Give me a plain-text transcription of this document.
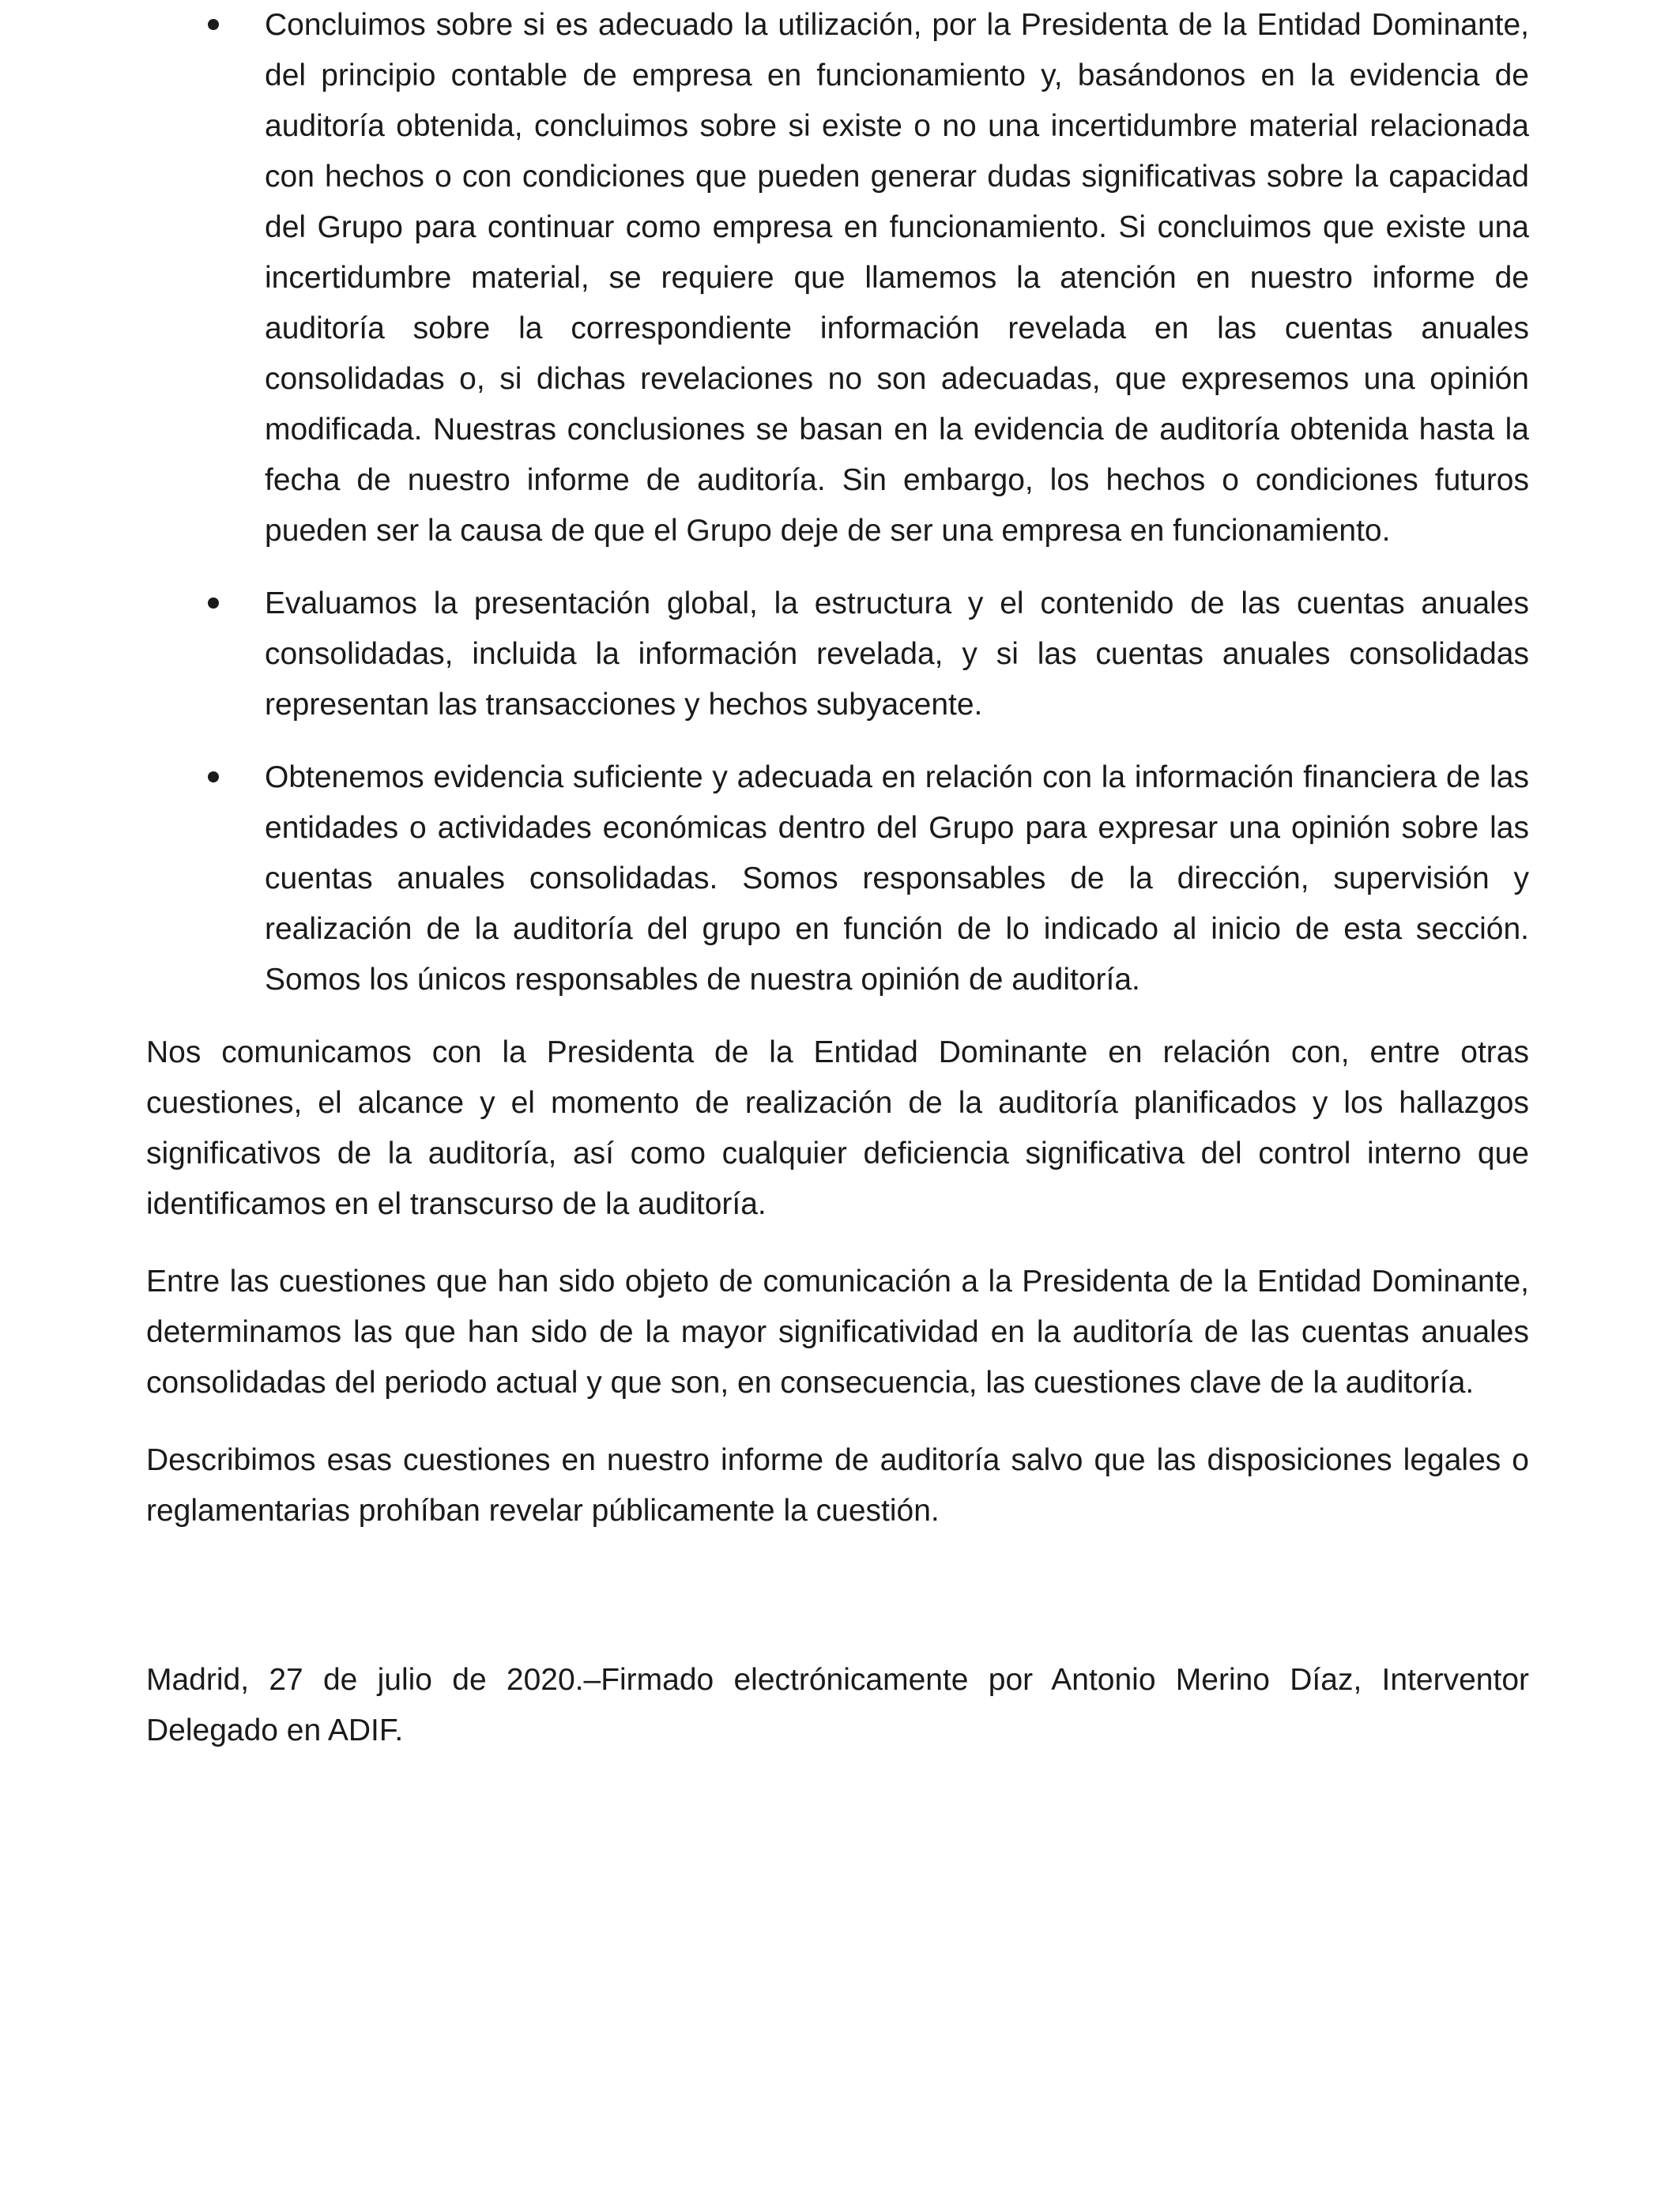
Concluimos sobre si es adecuado la utilización, por la Presidenta de la Entidad Dominante, del principio contable de empresa en funcionamiento y, basándonos en la evidencia de auditoría obtenida, concluimos sobre si existe o no una incertidumbre material relacionada con hechos o con condiciones que pueden generar dudas significativas sobre la capacidad del Grupo para continuar como empresa en funcionamiento. Si concluimos que existe una incertidumbre material, se requiere que llamemos la atención en nuestro informe de auditoría sobre la correspondiente información revelada en las cuentas anuales consolidadas o, si dichas revelaciones no son adecuadas, que expresemos una opinión modificada. Nuestras conclusiones se basan en la evidencia de auditoría obtenida hasta la fecha de nuestro informe de auditoría. Sin embargo, los hechos o condiciones futuros pueden ser la causa de que el Grupo deje de ser una empresa en funcionamiento.
Evaluamos la presentación global, la estructura y el contenido de las cuentas anuales consolidadas, incluida la información revelada, y si las cuentas anuales consolidadas representan las transacciones y hechos subyacente.
Obtenemos evidencia suficiente y adecuada en relación con la información financiera de las entidades o actividades económicas dentro del Grupo para expresar una opinión sobre las cuentas anuales consolidadas. Somos responsables de la dirección, supervisión y realización de la auditoría del grupo en función de lo indicado al inicio de esta sección. Somos los únicos responsables de nuestra opinión de auditoría.

Nos comunicamos con la Presidenta de la Entidad Dominante en relación con, entre otras cuestiones, el alcance y el momento de realización de la auditoría planificados y los hallazgos significativos de la auditoría, así como cualquier deficiencia significativa del control interno que identificamos en el transcurso de la auditoría.

Entre las cuestiones que han sido objeto de comunicación a la Presidenta de la Entidad Dominante, determinamos las que han sido de la mayor significatividad en la auditoría de las cuentas anuales consolidadas del periodo actual y que son, en consecuencia, las cuestiones clave de la auditoría.

Describimos esas cuestiones en nuestro informe de auditoría salvo que las disposiciones legales o reglamentarias prohíban revelar públicamente la cuestión.

Madrid, 27 de julio de 2020.–Firmado electrónicamente por Antonio Merino Díaz, Interventor Delegado en ADIF.
